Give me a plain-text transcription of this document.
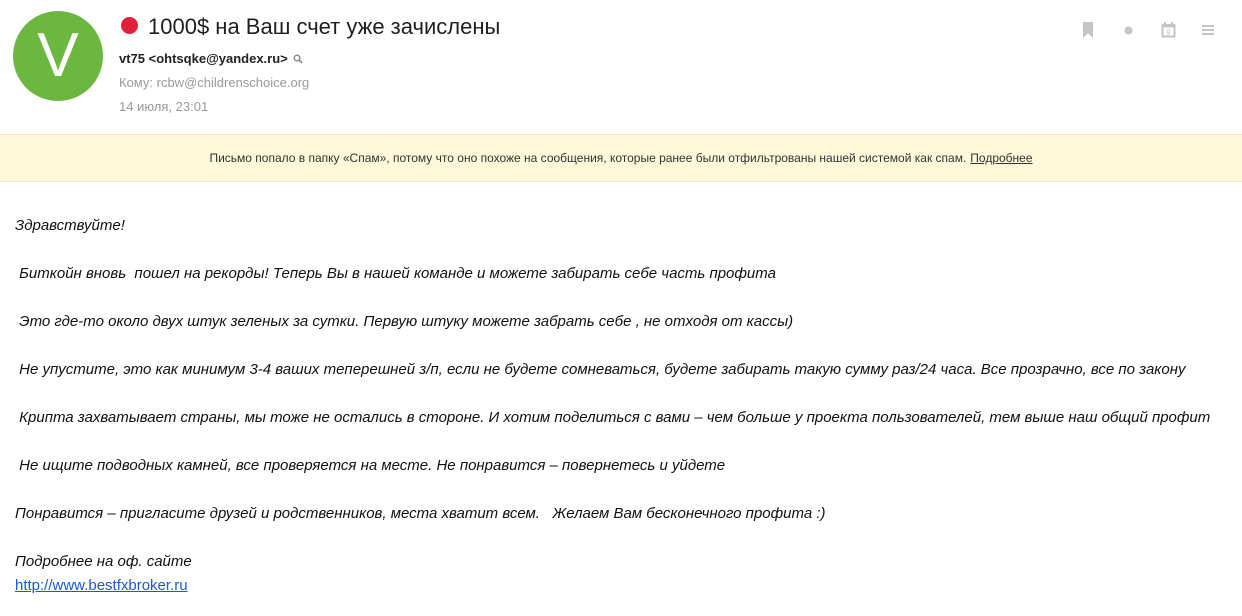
V	1000$ на Ваш счет уже зачислены
vt75 <ohtsqke@yandex.ru>
Кому: rcbw@childrenschoice.org
14 июля, 23:01
9
Письмо попало в папку «Спам», потому что оно похоже на сообщения, которые ранее были отфильтрованы нашей системой как спам. Подробнее

Здравствуйте!

Биткойн вновь  пошел на рекорды! Теперь Вы в нашей команде и можете забирать себе часть профита

Это где-то около двух штук зеленых за сутки. Первую штуку можете забрать себе , не отходя от кассы)

Не упустите, это как минимум 3-4 ваших теперешней з/п, если не будете сомневаться, будете забирать такую сумму раз/24 часа. Все прозрачно, все по закону

Крипта захватывает страны, мы тоже не остались в стороне. И хотим поделиться с вами – чем больше у проекта пользователей, тем выше наш общий профит

Не ищите подводных камней, все проверяется на месте. Не понравится – повернетесь и уйдете

Понравится – пригласите друзей и родственников, места хватит всем.   Желаем Вам бесконечного профита :)

Подробнее на оф. сайте

http://www.bestfxbroker.ru
